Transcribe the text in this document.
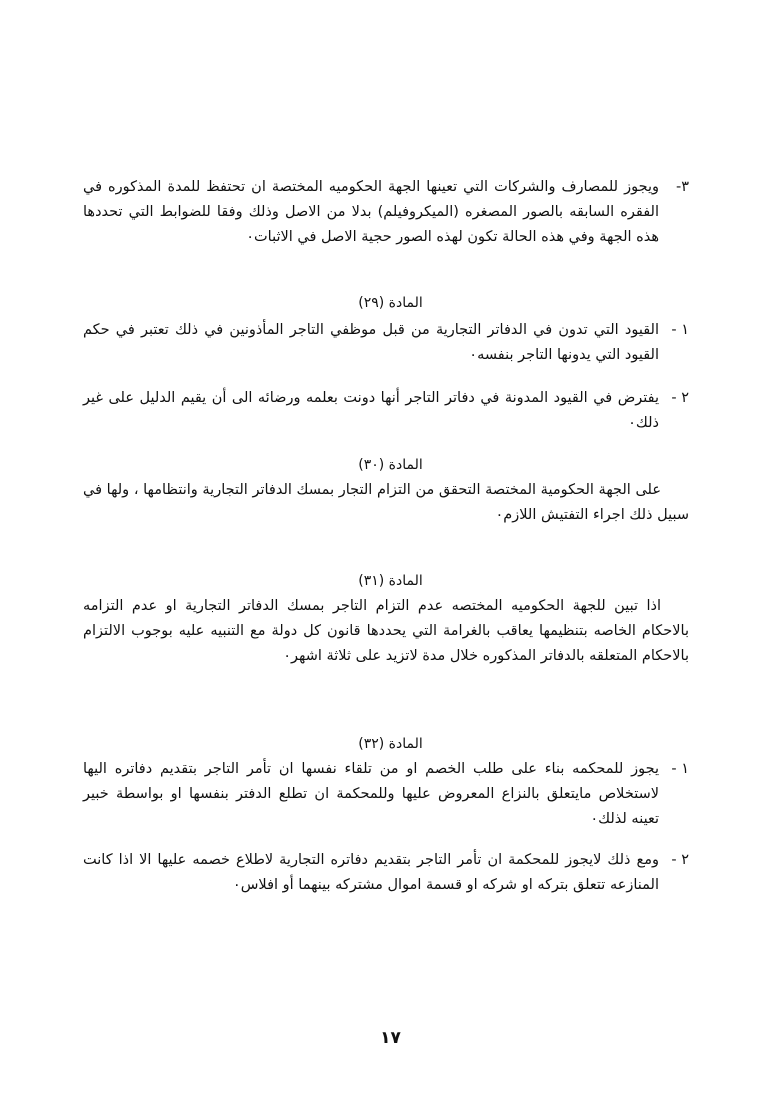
٣-
ويجوز للمصارف والشركات التي تعينها الجهة الحكوميه المختصة ان تحتفظ للمدة المذكوره في الفقره السابقه بالصور المصغره (الميكروفيلم) بدلا من الاصل وذلك وفقا للضوابط التي تحددها هذه الجهة وفي هذه الحالة تكون لهذه الصور حجية الاصل في الاثبات٠
المادة (٢٩)
١ -
القيود التي تدون في الدفاتر التجارية من قبل موظفي التاجر المأذونين في ذلك تعتبر في حكم القيود التي يدونها التاجر بنفسه٠
٢ -
يفترض في القيود المدونة في دفاتر التاجر أنها دونت بعلمه ورضائه الى أن يقيم الدليل على غير ذلك٠
المادة (٣٠)
على الجهة الحكومية المختصة التحقق من التزام التجار بمسك الدفاتر التجارية وانتظامها ، ولها في سبيل ذلك اجراء التفتيش اللازم٠
المادة (٣١)
اذا تبين للجهة الحكوميه المختصه عدم التزام التاجر بمسك الدفاتر التجارية او عدم التزامه بالاحكام الخاصه بتنظيمها يعاقب بالغرامة التي يحددها قانون كل دولة مع التنبيه عليه بوجوب الالتزام بالاحكام المتعلقه بالدفاتر المذكوره خلال مدة لاتزيد على ثلاثة اشهر٠
المادة (٣٢)
١ -
يجوز للمحكمه بناء على طلب الخصم او من تلقاء نفسها ان تأمر التاجر بتقديم دفاتره اليها لاستخلاص مايتعلق بالنزاع المعروض عليها وللمحكمة ان تطلع الدفتر بنفسها او بواسطة خبير تعينه لذلك٠
٢ -
ومع ذلك لايجوز للمحكمة ان تأمر التاجر بتقديم دفاتره التجارية لاطلاع خصمه عليها الا اذا كانت المنازعه تتعلق بتركه او شركه او قسمة اموال مشتركه بينهما أو افلاس٠
١٧
